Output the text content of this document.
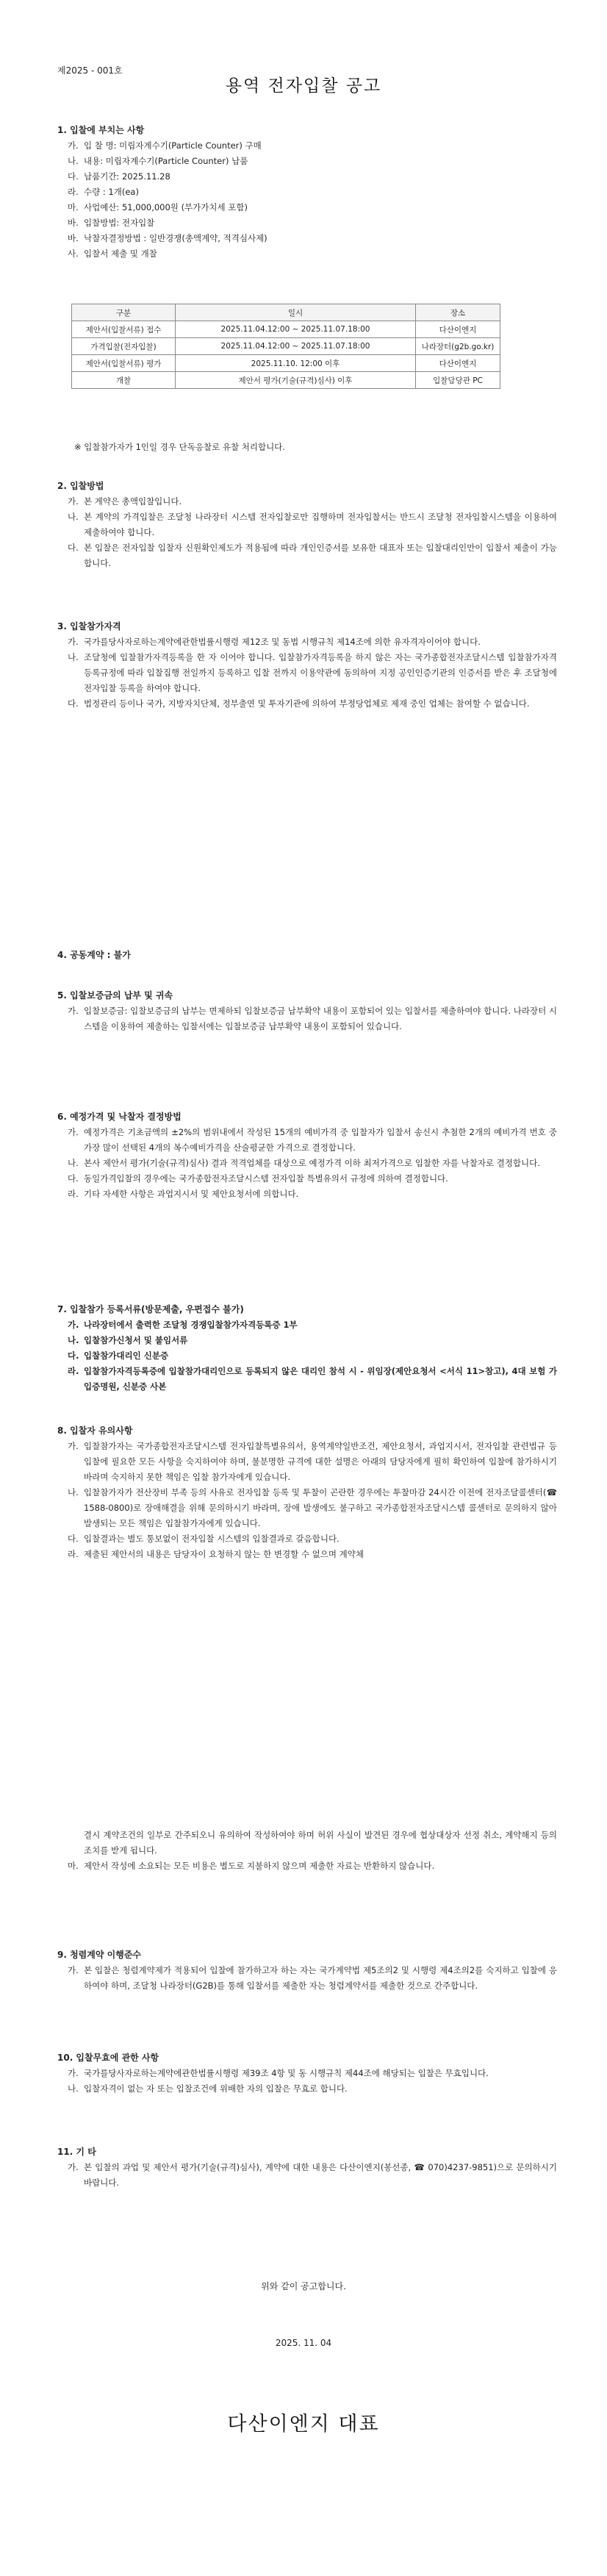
제2025 - 001호
용역 전자입찰 공고
1. 입찰에 부치는 사항
가. 입 찰 명: 미립자계수기(Particle Counter) 구매
나. 내용: 미립자계수기(Particle Counter) 납품
다. 납품기간: 2025.11.28
라. 수량 : 1개(ea)
마. 사업예산: 51,000,000원 (부가가치세 포함)
바. 입찰방법: 전자입찰
바. 낙찰자결정방법 : 일반경쟁(총액계약, 적격심사제)
사. 입찰서 제출 및 개찰
구분	일시	장소
제안서(입찰서류) 접수	2025.11.04.12:00 ~ 2025.11.07.18:00	다산이엔지
가격입찰(전자입찰)	2025.11.04.12:00 ~ 2025.11.07.18:00	나라장터(g2b.go.kr)
제안서(입찰서류) 평가	2025.11.10. 12:00 이후	다산이엔지
개찰	제안서 평가(기술(규격)심사) 이후	입찰담당관 PC
※ 입찰참가자가 1인일 경우 단독응찰로 유찰 처리합니다.
2. 입찰방법
가. 본 계약은 총액입찰입니다.
나. 본 계약의 가격입찰은 조달청 나라장터 시스템 전자입찰로만 집행하며 전자입찰서는 반드시 조달청 전자입찰시스템을 이용하여 제출하여야 합니다.
다. 본 입찰은 전자입찰 입찰자 신원확인제도가 적용됨에 따라 개인인증서를 보유한 대표자 또는 입찰대리인만이 입찰서 제출이 가능합니다.
3. 입찰참가자격
가. 국가를당사자로하는계약에관한법률시행령 제12조 및 동법 시행규칙 제14조에 의한 유자격자이어야 합니다.
나. 조달청에 입찰참가자격등록을 한 자 이어야 합니다. 입찰참가자격등록을 하지 않은 자는 국가종합전자조달시스템 입찰참가자격 등록규정에 따라 입찰집행 전일까지 등록하고 입찰 전까지 이용약관에 동의하여 지정 공인인증기관의 인증서를 받은 후 조달청에 전자입찰 등록을 하여야 합니다.
다. 법정관리 등이나 국가, 지방자치단체, 정부출연 및 투자기관에 의하여 부정당업체로 제재 중인 업체는 참여할 수 없습니다.
4. 공동계약 : 불가
5. 입찰보증금의 납부 및 귀속
가. 입찰보증금: 입찰보증금의 납부는 면제하되 입찰보증금 납부확약 내용이 포함되어 있는 입찰서를 제출하여야 합니다. 나라장터 시스템을 이용하여 제출하는 입찰서에는 입찰보증금 납부확약 내용이 포함되어 있습니다.
6. 예정가격 및 낙찰자 결정방법
가. 예정가격은 기초금액의 ±2%의 범위내에서 작성된 15개의 예비가격 중 입찰자가 입찰서 송신시 추첨한 2개의 예비가격 번호 중 가장 많이 선택된 4개의 복수예비가격을 산술평균한 가격으로 결정합니다.
나. 본사 제안서 평가(기술(규격)심사) 결과 적격업체를 대상으로 예정가격 이하 최저가격으로 입찰한 자를 낙찰자로 결정합니다.
다. 동일가격입찰의 경우에는 국가종합전자조달시스템 전자입찰 특별유의서 규정에 의하여 결정합니다.
라. 기타 자세한 사항은 과업지시서 및 제안요청서에 의합니다.
7. 입찰참가 등록서류(방문제출, 우편접수 불가)
가. 나라장터에서 출력한 조달청 경쟁입찰참가자격등록증 1부
나. 입찰참가신청서 및 붙임서류
다. 입찰참가대리인 신분증
라. 입찰참가자격등록증에 입찰참가대리인으로 등록되지 않은 대리인 참석 시 - 위임장(제안요청서 <서식 11>참고), 4대 보험 가입증명원, 신분증 사본
8. 입찰자 유의사항
가. 입찰참가자는 국가종합전자조달시스템 전자입찰특별유의서, 용역계약일반조건, 제안요청서, 과업지시서, 전자입찰 관련법규 등 입찰에 필요한 모든 사항을 숙지하여야 하며, 불분명한 규격에 대한 설명은 아래의 담당자에게 필히 확인하여 입찰에 참가하시기 바라며 숙지하지 못한 책임은 입찰 참가자에게 있습니다.
나. 입찰참가자가 전산장비 부족 등의 사유로 전자입찰 등록 및 투찰이 곤란한 경우에는 투찰마감 24시간 이전에 전자조달콜센터(☎ 1588-0800)로 장애해결을 위해 문의하시기 바라며, 장애 발생에도 불구하고 국가종합전자조달시스템 콜센터로 문의하지 않아 발생되는 모든 책임은 입찰참가자에게 있습니다.
다. 입찰결과는 별도 통보없이 전자입찰 시스템의 입찰결과로 갈음합니다.
라. 제출된 제안서의 내용은 담당자이 요청하지 않는 한 변경할 수 없으며 계약체
결시 계약조건의 일부로 간주되오니 유의하여 작성하여야 하며 허위 사실이 발견된 경우에 협상대상자 선정 취소, 계약해지 등의 조치를 받게 됩니다.
마. 제안서 작성에 소요되는 모든 비용은 별도로 지불하지 않으며 제출한 자료는 반환하지 않습니다.
9. 청렴계약 이행준수
가. 본 입찰은 청렴계약제가 적용되어 입찰에 참가하고자 하는 자는 국가계약법 제5조의2 및 시행령 제4조의2를 숙지하고 입찰에 응하여야 하며, 조달청 나라장터(G2B)를 통해 입찰서를 제출한 자는 청렴계약서를 제출한 것으로 간주합니다.
10. 입찰무효에 관한 사항
가. 국가를당사자로하는계약에관한법률시행령 제39조 4항 및 동 시행규칙 제44조에 해당되는 입찰은 무효입니다.
나. 입찰자격이 없는 자 또는 입찰조건에 위배한 자의 입찰은 무효로 합니다.
11. 기 타
가. 본 입찰의 과업 및 제안서 평가(기술(규격)심사), 계약에 대한 내용은 다산이엔지(봉선종, ☎ 070)4237-9851)으로 문의하시기 바랍니다.
위와 같이 공고합니다.
2025. 11. 04
다산이엔지 대표
